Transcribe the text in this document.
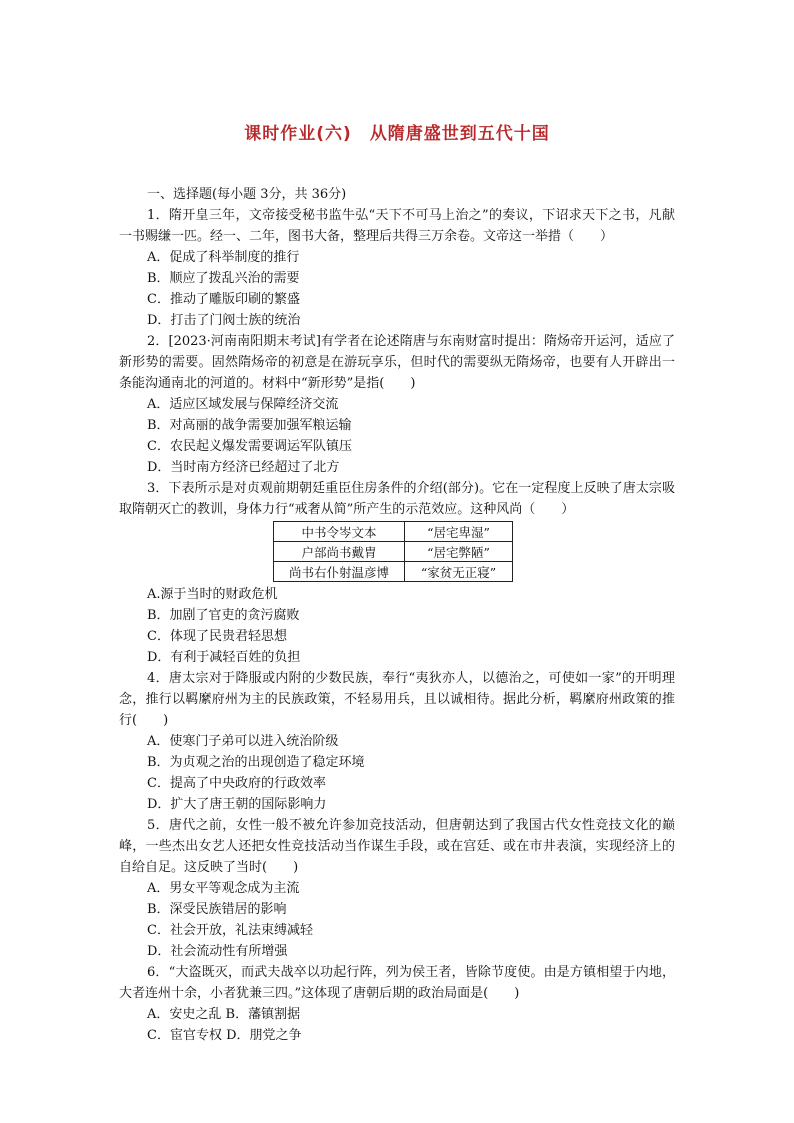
课时作业(六)　从隋唐盛世到五代十国
一、选择题(每小题 3分，共 36分)

1．隋开皇三年，文帝接受秘书监牛弘“天下不可马上治之”的奏议，下诏求天下之书，凡献一书赐缣一匹。经一、二年，图书大备，整理后共得三万余卷。文帝这一举措（　　）

A．促成了科举制度的推行
B．顺应了拨乱兴治的需要
C．推动了雕版印刷的繁盛
D．打击了门阀士族的统治

2．[2023·河南南阳期末考试]有学者在论述隋唐与东南财富时提出：隋炀帝开运河，适应了新形势的需要。固然隋炀帝的初意是在游玩享乐，但时代的需要纵无隋炀帝，也要有人开辟出一条能沟通南北的河道的。材料中“新形势”是指(　　)

A．适应区域发展与保障经济交流
B．对高丽的战争需要加强军粮运输
C．农民起义爆发需要调运军队镇压
D．当时南方经济已经超过了北方

3．下表所示是对贞观前期朝廷重臣住房条件的介绍(部分)。它在一定程度上反映了唐太宗吸取隋朝灭亡的教训，身体力行“戒奢从简”所产生的示范效应。这种风尚（　　）

中书令岑文本	“居宅卑湿”
户部尚书戴胄	“居宅弊陋”
尚书右仆射温彦博	“家贫无正寝”
A.源于当时的财政危机
B．加剧了官吏的贪污腐败
C．体现了民贵君轻思想
D．有利于减轻百姓的负担

4．唐太宗对于降服或内附的少数民族，奉行“夷狄亦人，以德治之，可使如一家”的开明理念，推行以羁縻府州为主的民族政策，不轻易用兵，且以诚相待。据此分析，羁縻府州政策的推行(　　)

A．使寒门子弟可以进入统治阶级
B．为贞观之治的出现创造了稳定环境
C．提高了中央政府的行政效率
D．扩大了唐王朝的国际影响力

5．唐代之前，女性一般不被允许参加竞技活动，但唐朝达到了我国古代女性竞技文化的巅峰，一些杰出女艺人还把女性竞技活动当作谋生手段，或在宫廷、或在市井表演，实现经济上的自给自足。这反映了当时(　　)

A．男女平等观念成为主流
B．深受民族错居的影响
C．社会开放，礼法束缚减轻
D．社会流动性有所增强

6．“大盗既灭，而武夫战卒以功起行阵，列为侯王者，皆除节度使。由是方镇相望于内地，大者连州十余，小者犹兼三四。”这体现了唐朝后期的政治局面是(　　)

A．安史之乱 B．藩镇割据
C．宦官专权 D．朋党之争
